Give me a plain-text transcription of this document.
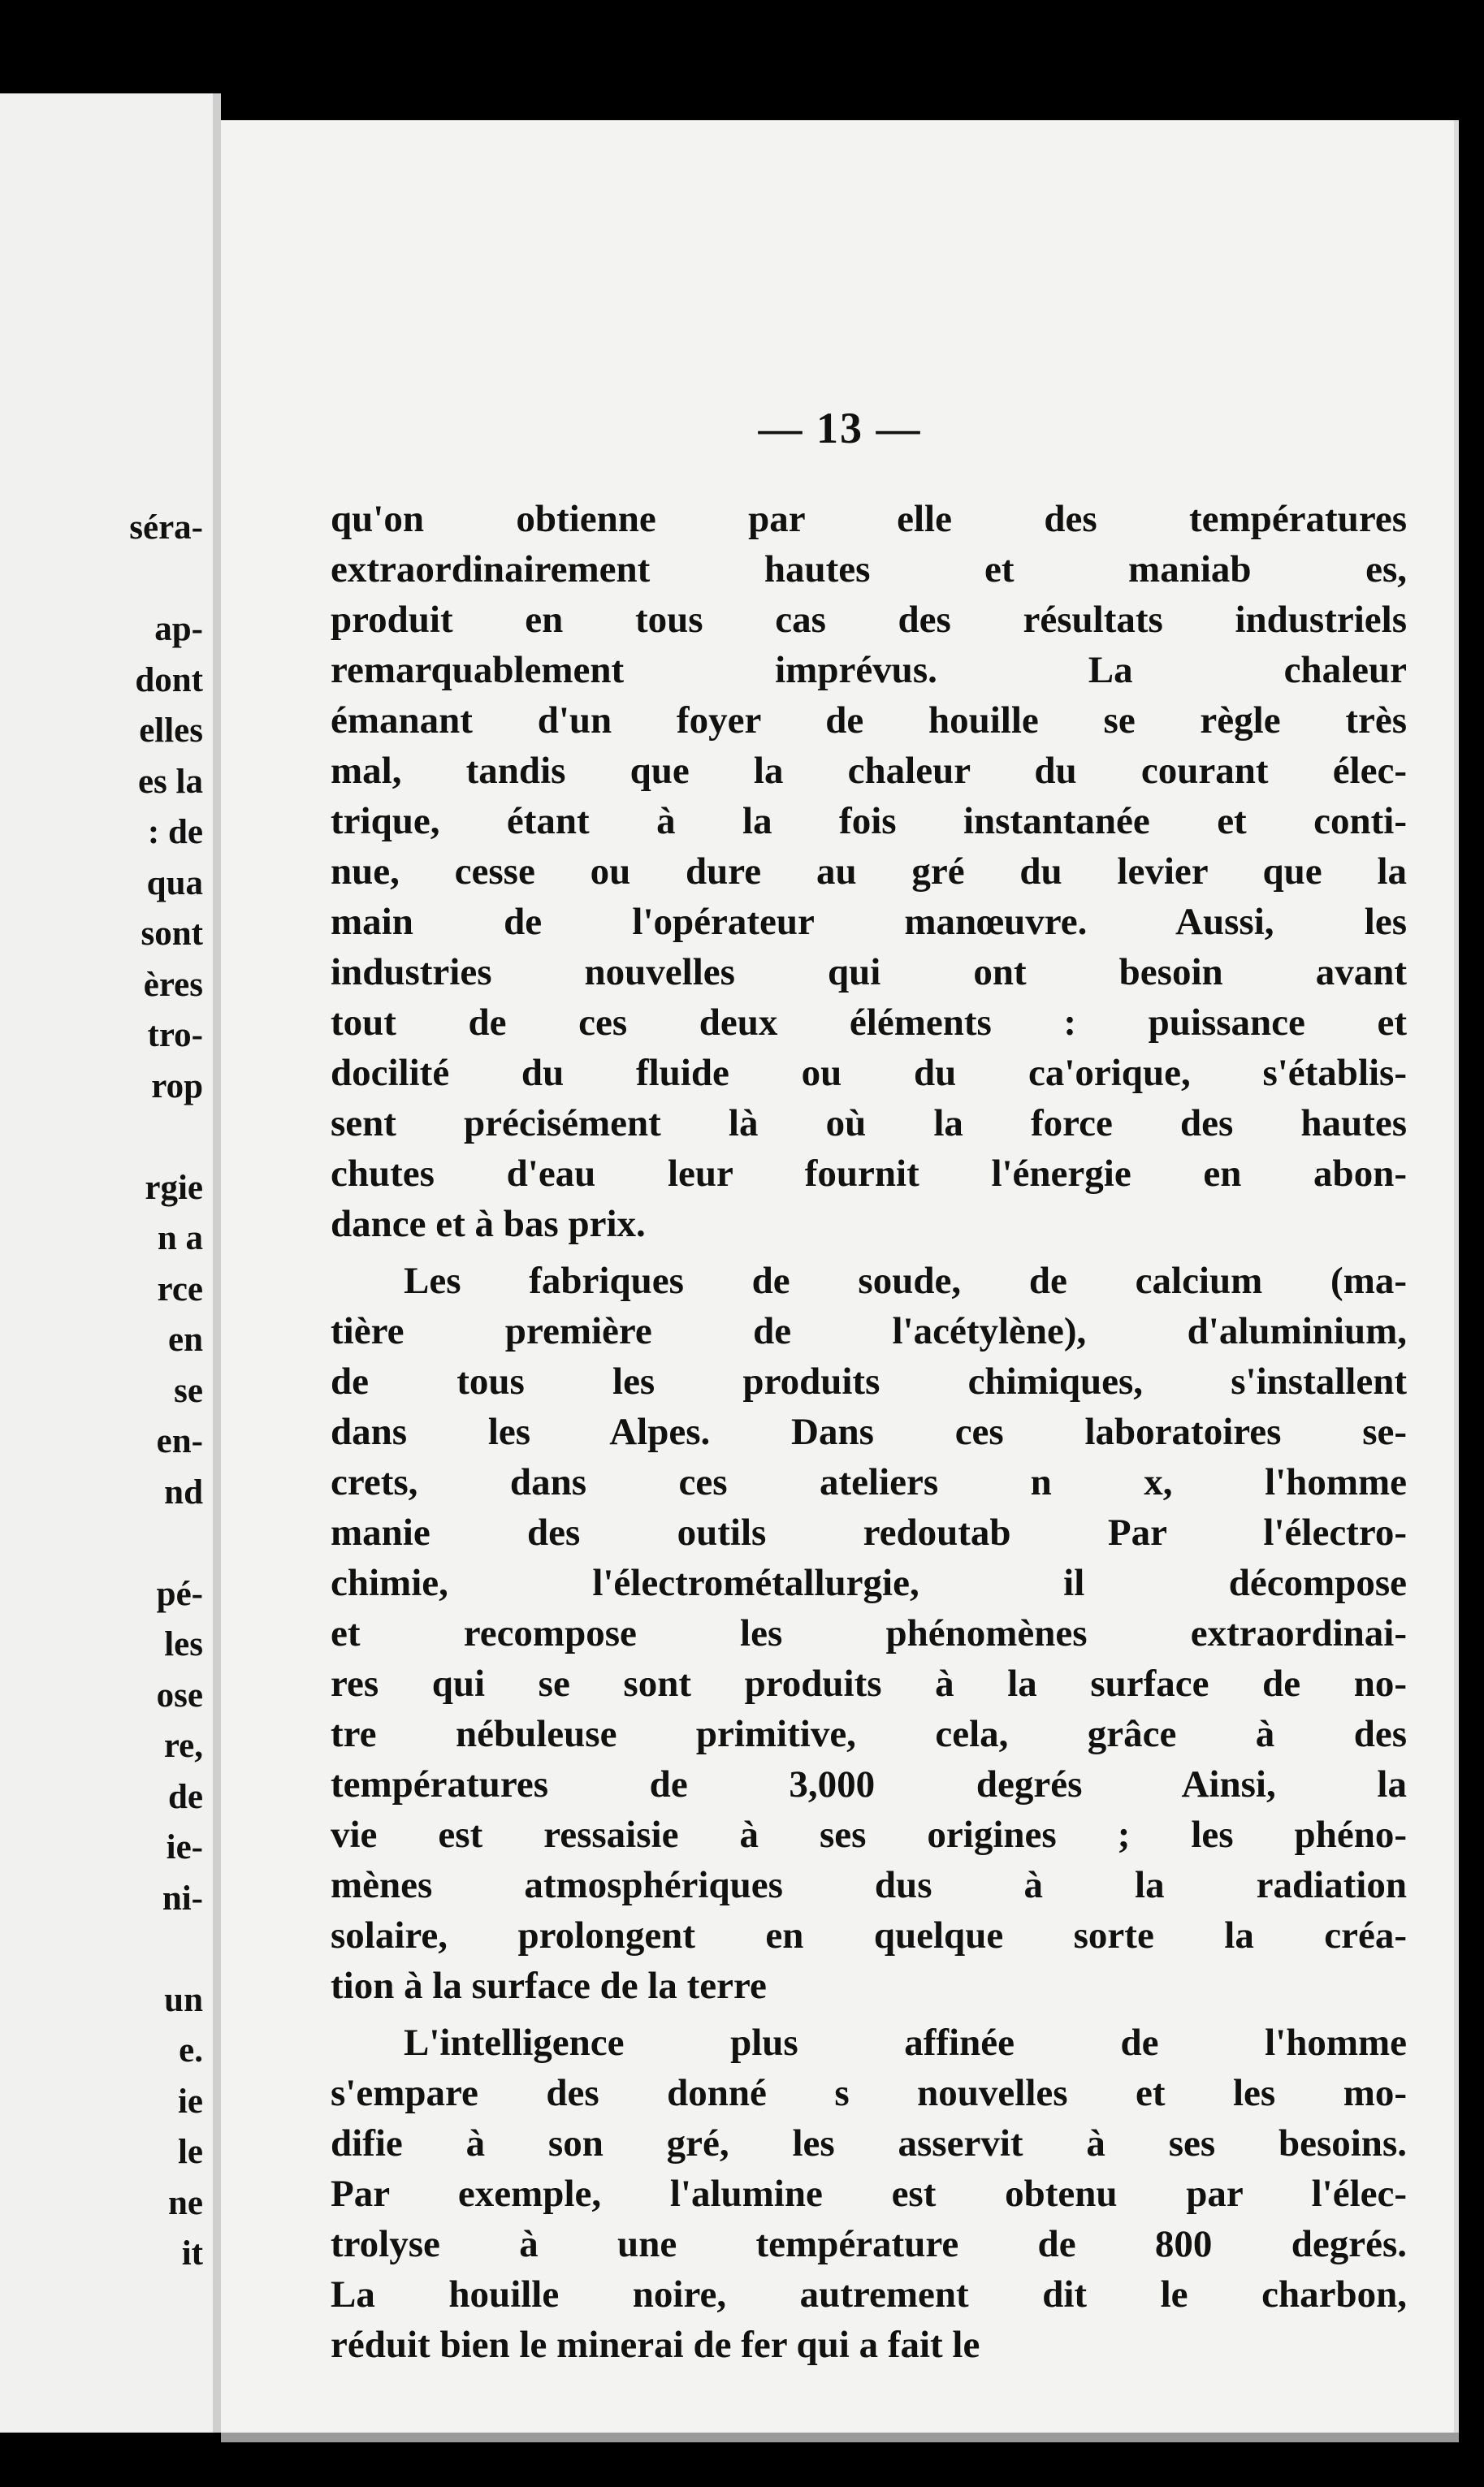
séra-
ap-
dont
elles
es la
: de
qua
sont
ères
tro-
rop
rgie
n a
rce
en
se
en-
nd
pé-
les
ose
re,
de
ie-
ni-
un
e.
ie
le
ne
it
— 13 —
qu'on obtienne par elle des températures
extraordinairement hautes et maniab es,
produit en tous cas des résultats industriels
remarquablement imprévus. La chaleur
émanant d'un foyer de houille se règle très
mal, tandis que la chaleur du courant élec-
trique, étant à la fois instantanée et conti-
nue, cesse ou dure au gré du levier que la
main de l'opérateur manœuvre. Aussi, les
industries nouvelles qui ont besoin avant
tout de ces deux éléments : puissance et
docilité du fluide ou du ca'orique, s'établis-
sent précisément là où la force des hautes
chutes d'eau leur fournit l'énergie en abon-
dance et à bas prix.
Les fabriques de soude, de calcium (ma-
tière première de l'acétylène), d'aluminium,
de tous les produits chimiques, s'installent
dans les Alpes. Dans ces laboratoires se-
crets, dans ces ateliers n x, l'homme
manie des outils redoutab Par l'électro-
chimie, l'électrométallurgie, il décompose
et recompose les phénomènes extraordinai-
res qui se sont produits à la surface de no-
tre nébuleuse primitive, cela, grâce à des
températures de 3,000 degrés Ainsi, la
vie est ressaisie à ses origines ; les phéno-
mènes atmosphériques dus à la radiation
solaire, prolongent en quelque sorte la créa-
tion à la surface de la terre
L'intelligence plus affinée de l'homme
s'empare des donné s nouvelles et les mo-
difie à son gré, les asservit à ses besoins.
Par exemple, l'alumine est obtenu par l'élec-
trolyse à une température de 800 degrés.
La houille noire, autrement dit le charbon,
réduit bien le minerai de fer qui a fait le
